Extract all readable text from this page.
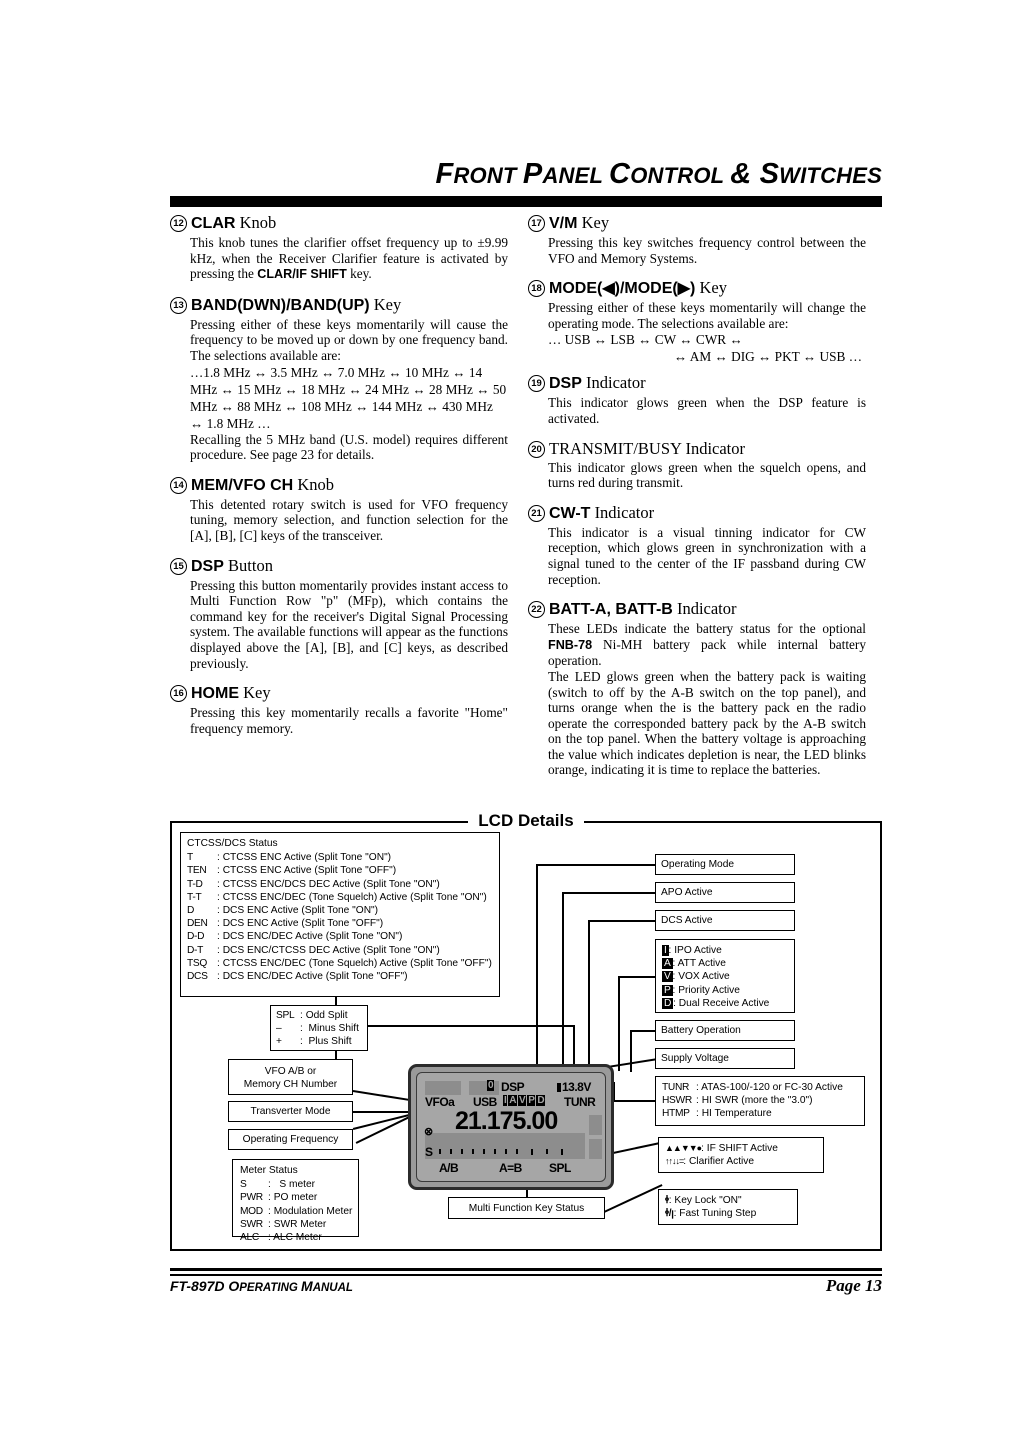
FRONT PANEL CONTROL & SWITCHES
12 CLAR Knob
This knob tunes the clarifier offset frequency up to ±9.99 kHz, when the Receiver Clarifier feature is activated by pressing the CLAR/IF SHIFT key.
13 BAND(DWN)/BAND(UP) Key
Pressing either of these keys momentarily will cause the frequency to be moved up or down by one frequency band. The selections available are:
…1.8 MHz ↔ 3.5 MHz ↔ 7.0 MHz ↔ 10 MHz ↔ 14 MHz ↔ 15 MHz ↔ 18 MHz ↔ 24 MHz ↔ 28 MHz ↔ 50 MHz ↔ 88 MHz ↔ 108 MHz ↔ 144 MHz ↔ 430 MHz ↔ 1.8 MHz …
Recalling the 5 MHz band (U.S. model) requires different procedure. See page 23 for details.
14 MEM/VFO CH Knob
This detented rotary switch is used for VFO frequency tuning, memory selection, and function selection for the [A], [B], [C] keys of the transceiver.
15 DSP Button
Pressing this button momentarily provides instant access to Multi Function Row "p" (MFp), which contains the command key for the receiver's Digital Signal Processing system. The available functions will appear as the functions displayed above the [A], [B], and [C] keys, as described previously.
16 HOME Key
Pressing this key momentarily recalls a favorite "Home" frequency memory.
17 V/M Key
Pressing this key switches frequency control between the VFO and Memory Systems.
18 MODE(◀)/MODE(▶) Key
Pressing either of these keys momentarily will change the operating mode. The selections available are:
… USB ↔ LSB ↔ CW ↔ CWR ↔
↔ AM ↔ DIG ↔ PKT ↔ USB …
19 DSP Indicator
This indicator glows green when the DSP feature is activated.
20 TRANSMIT/BUSY Indicator
This indicator glows green when the squelch opens, and turns red during transmit.
21 CW-T Indicator
This indicator is a visual tinning indicator for CW reception, which glows green in synchronization with a signal tuned to the center of the IF passband during CW reception.
22 BATT-A, BATT-B Indicator
These LEDs indicate the battery status for the optional FNB-78 Ni-MH battery pack while internal battery operation.
The LED glows green when the battery pack is waiting (switch to off by the A-B switch on the top panel), and turns orange when the is the battery pack en the radio operate the corresponded battery pack by the A-B switch on the top panel. When the battery voltage is approaching the value which indicates depletion is near, the LED blinks orange, indicating it is time to replace the batteries.
LCD Details
CTCSS/DCS Status
T : CTCSS ENC Active (Split Tone "ON")
TEN : CTCSS ENC Active (Split Tone "OFF")
T-D : CTCSS ENC/DCS DEC Active (Split Tone "ON")
T-T : CTCSS ENC/DEC (Tone Squelch) Active (Split Tone "ON")
D : DCS ENC Active (Split Tone "ON")
DEN : DCS ENC Active (Split Tone "OFF")
D-D : DCS ENC/DEC Active (Split Tone "ON")
D-T : DCS ENC/CTCSS DEC Active (Split Tone "ON")
TSQ : CTCSS ENC/DEC (Tone Squelch) Active (Split Tone "OFF")
DCS : DCS ENC/DEC Active (Split Tone "OFF")
SPL : Odd Split
– : Minus Shift
+ : Plus Shift
VFO A/B or
Memory CH Number
Transverter Mode
Operating Frequency
Meter Status
S : S meter
PWR : PO meter
MOD : Modulation Meter
SWR : SWR Meter
ALC : ALC Meter
Multi Function Key Status
VFOa USB
0 DSP	13.8V
I A V P D TUNR
21.175.00
⊗
S
A/B	A=B SPL
Operating Mode
APO Active
DCS Active
I : IPO Active
A : ATT Active
V : VOX Active
P : Priority Active
D : Dual Receive Active
Battery Operation
Supply Voltage
TUNR : ATAS-100/-120 or FC-30 Active
HSWR : HI SWR (more the "3.0")
HTMP : HI Temperature
▲▲▼▼●: IF SHIFT Active
↑↑↓↓=: Clarifier Active
ꬹ: Key Lock "ON"
ꬹ/ꞁ: Fast Tuning Step
FT-897D OPERATING MANUAL	Page 13
